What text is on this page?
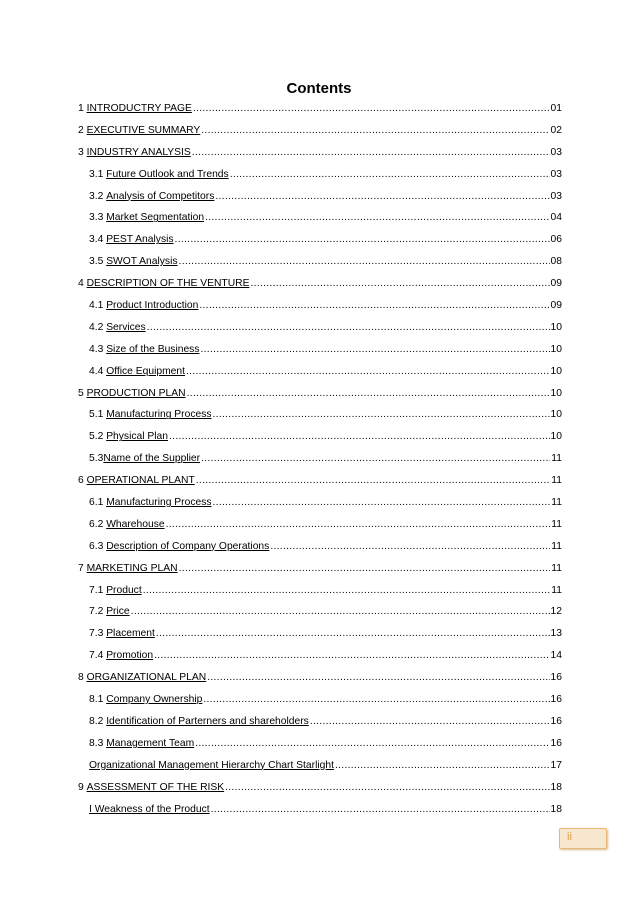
Contents
1 INTRODUCTRY PAGE .....	01
2 EXECUTIVE SUMMARY .....	02
3 INDUSTRY ANALYSIS .....	03
3.1 Future Outlook and Trends .....	03
3.2 Analysis of Competitors .....	03
3.3 Market Segmentation .....	04
3.4 PEST Analysis .....	06
3.5 SWOT Analysis .....	08
4 DESCRIPTION OF THE VENTURE .....	09
4.1 Product Introduction .....	09
4.2 Services .....	10
4.3 Size of the Business .....	10
4.4 Office Equipment .....	10
5 PRODUCTION PLAN .....	10
5.1 Manufacturing Process .....	10
5.2 Physical Plan .....	10
5.3 Name of the Supplier .....	11
6 OPERATIONAL PLANT .....	11
6.1 Manufacturing Process .....	11
6.2 Wharehouse .....	11
6.3 Description of Company Operations .....	11
7 MARKETING PLAN .....	11
7.1 Product .....	11
7.2 Price .....	12
7.3 Placement .....	13
7.4 Promotion .....	14
8 ORGANIZATIONAL PLAN .....	16
8.1 Company Ownership .....	16
8.2 Identification of Parterners and shareholders .....	16
8.3 Management Team .....	16
Organizational Management Hierarchy Chart Starlight .....	17
9 ASSESSMENT OF THE RISK .....	18
I Weakness of the Product .....	18
ii
